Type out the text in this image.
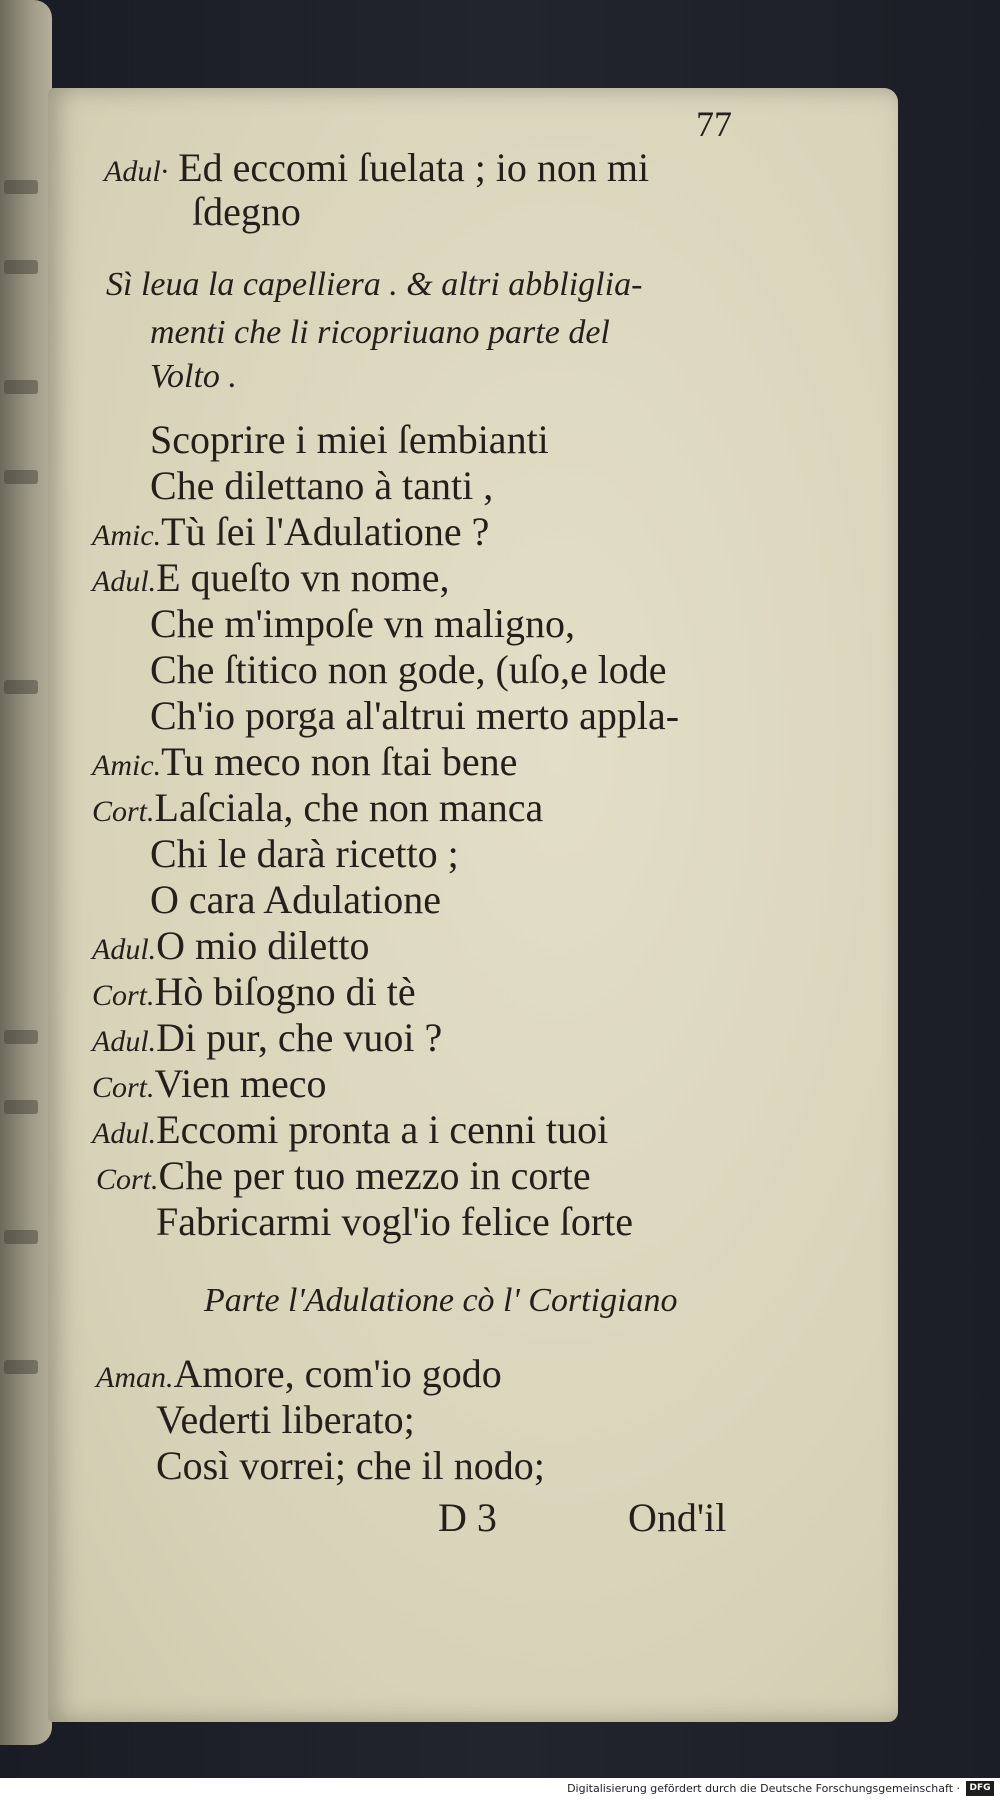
77
Adul· Ed eccomi ſuelata ; io non mi
ſdegno
Sì leua la capelliera . & altri abbliglia-
menti che li ricopriuano parte del
Volto .
Scoprire i miei ſembianti
Che dilettano à tanti ,
Amic.Tù ſei l'Adulatione ?
Adul.E queſto vn nome,
Che m'impoſe vn maligno,
Che ſtitico non gode, (uſo,e lode
Ch'io porga al'altrui merto appla-
Amic.Tu meco non ſtai bene
Cort.Laſciala, che non manca
Chi le darà ricetto ;
O cara Adulatione
Adul.O mio diletto
Cort.Hò biſogno di tè
Adul.Di pur, che vuoi ?
Cort.Vien meco
Adul.Eccomi pronta a i cenni tuoi
Cort.Che per tuo mezzo in corte
Fabricarmi vogl'io felice ſorte
Parte l'Adulatione cò l' Cortigiano
Aman.Amore, com'io godo
Vederti liberato;
Così vorrei; che il nodo;
D 3	Ond'il
Digitalisierung gefördert durch die Deutsche Forschungsgemeinschaft ·	DFG
